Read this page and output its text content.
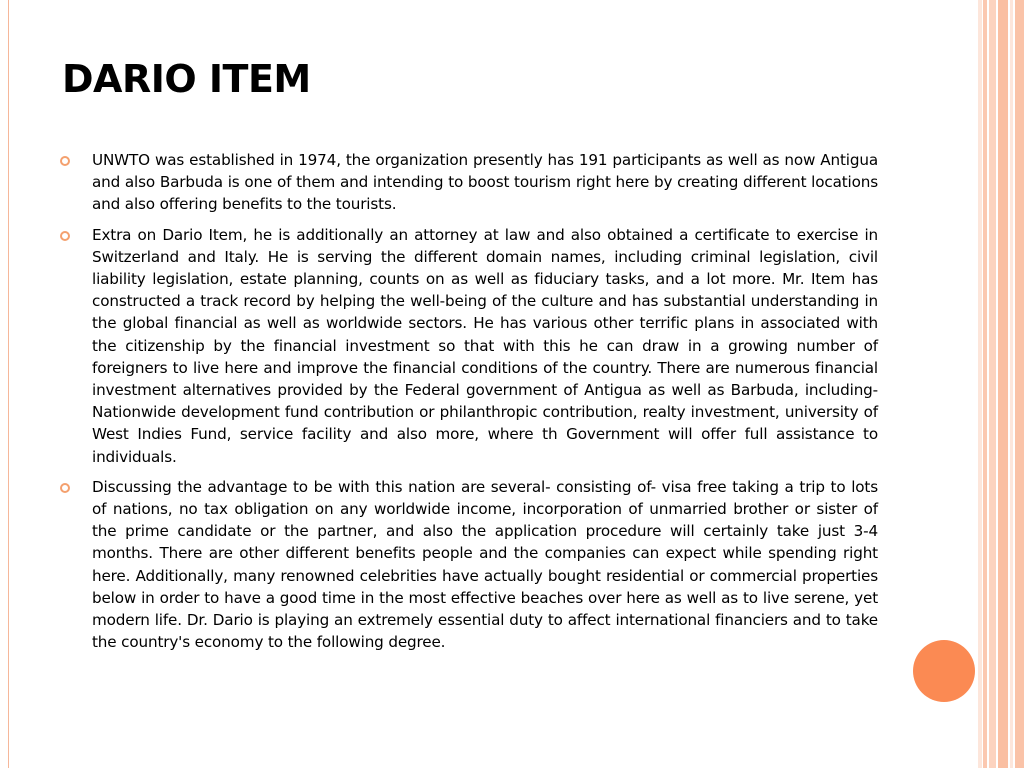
DARIO ITEM
UNWTO was established in 1974, the organization presently has 191 participants as well as now Antigua and also Barbuda is one of them and intending to boost tourism right here by creating different locations and also offering benefits to the tourists.
Extra on Dario Item, he is additionally an attorney at law and also obtained a certificate to exercise in Switzerland and Italy. He is serving the different domain names, including criminal legislation, civil liability legislation, estate planning, counts on as well as fiduciary tasks, and a lot more. Mr. Item has constructed a track record by helping the well-being of the culture and has substantial understanding in the global financial as well as worldwide sectors. He has various other terrific plans in associated with the citizenship by the financial investment so that with this he can draw in a growing number of foreigners to live here and improve the financial conditions of the country. There are numerous financial investment alternatives provided by the Federal government of Antigua as well as Barbuda, including- Nationwide development fund contribution or philanthropic contribution, realty investment, university of West Indies Fund, service facility and also more, where th Government will offer full assistance to individuals.
Discussing the advantage to be with this nation are several- consisting of- visa free taking a trip to lots of nations, no tax obligation on any worldwide income, incorporation of unmarried brother or sister of the prime candidate or the partner, and also the application procedure will certainly take just 3-4 months. There are other different benefits people and the companies can expect while spending right here. Additionally, many renowned celebrities have actually bought residential or commercial properties below in order to have a good time in the most effective beaches over here as well as to live serene, yet modern life. Dr. Dario is playing an extremely essential duty to affect international financiers and to take the country's economy to the following degree.
